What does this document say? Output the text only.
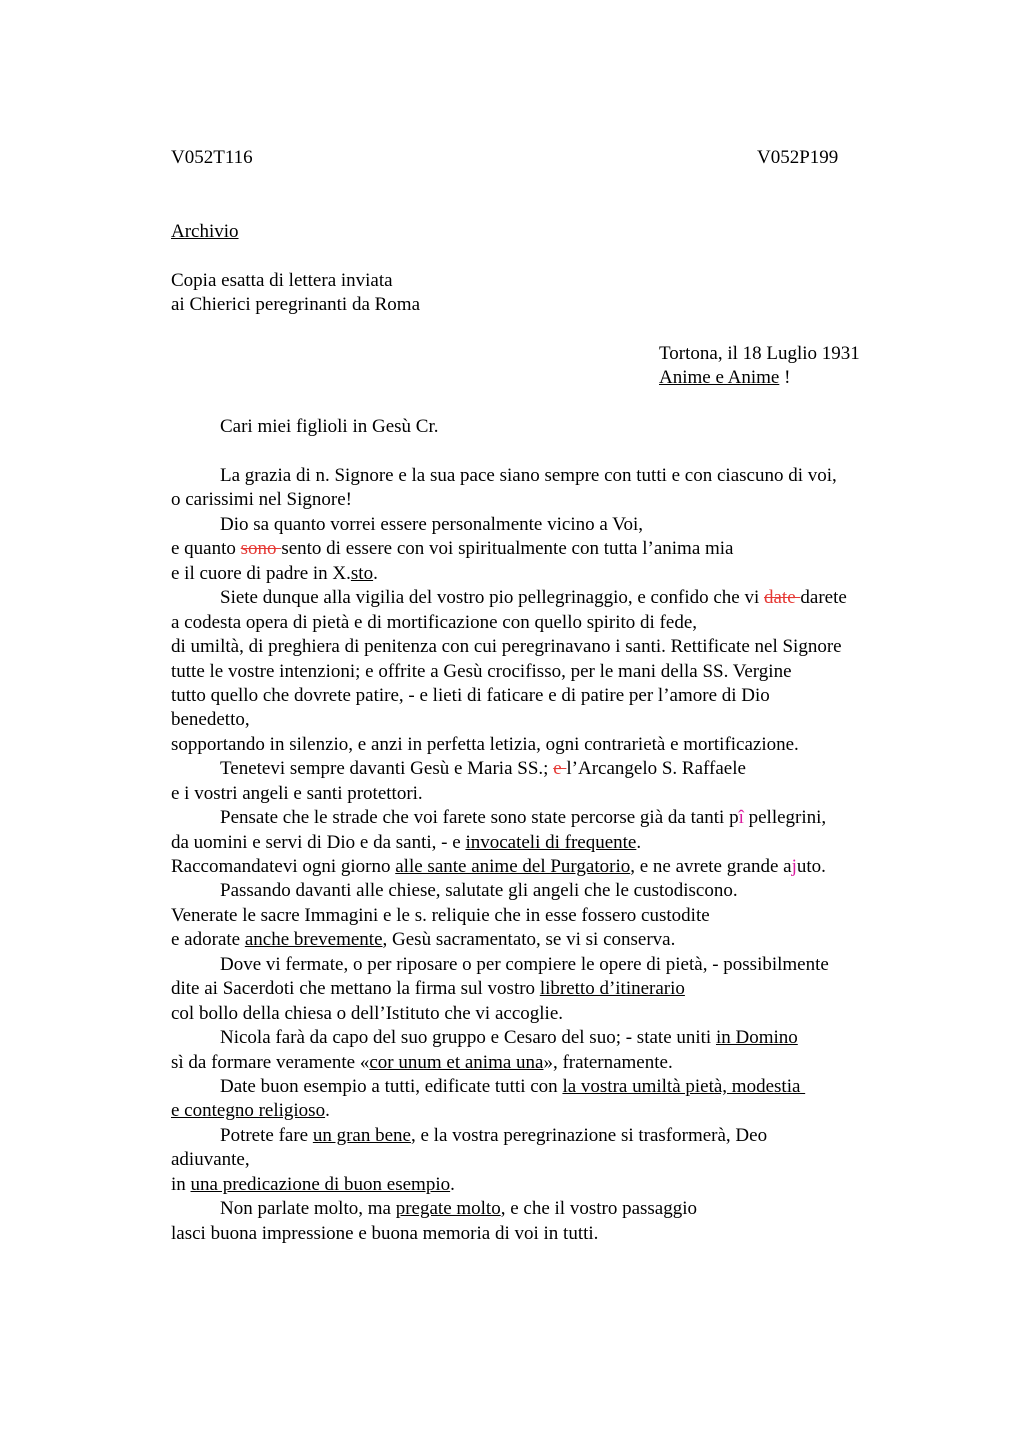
V052T116	V052P199
Archivio
Copia esatta di lettera inviata
ai Chierici peregrinanti da Roma
Tortona, il 18 Luglio 1931
Anime e Anime !
Cari miei figlioli in Gesù Cr.
La grazia di n. Signore e la sua pace siano sempre con tutti e con ciascuno di voi,
o carissimi nel Signore!
Dio sa quanto vorrei essere personalmente vicino a Voi,
e quanto sono sento di essere con voi spiritualmente con tutta l’anima mia
e il cuore di padre in X.sto.
Siete dunque alla vigilia del vostro pio pellegrinaggio, e confido che vi date darete
a codesta opera di pietà e di mortificazione con quello spirito di fede,
di umiltà, di preghiera di penitenza con cui peregrinavano i santi. Rettificate nel Signore
tutte le vostre intenzioni; e offrite a Gesù crocifisso, per le mani della SS. Vergine
tutto quello che dovrete patire, - e lieti di faticare e di patire per l’amore di Dio
benedetto,
sopportando in silenzio, e anzi in perfetta letizia, ogni contrarietà e mortificazione.
Tenetevi sempre davanti Gesù e Maria SS.; e l’Arcangelo S. Raffaele
e i vostri angeli e santi protettori.
Pensate che le strade che voi farete sono state percorse già da tanti pî pellegrini,
da uomini e servi di Dio e da santi, - e invocateli di frequente.
Raccomandatevi ogni giorno alle sante anime del Purgatorio, e ne avrete grande ajuto.
Passando davanti alle chiese, salutate gli angeli che le custodiscono.
Venerate le sacre Immagini e le s. reliquie che in esse fossero custodite
e adorate anche brevemente, Gesù sacramentato, se vi si conserva.
Dove vi fermate, o per riposare o per compiere le opere di pietà, - possibilmente
dite ai Sacerdoti che mettano la firma sul vostro libretto d’itinerario
col bollo della chiesa o dell’Istituto che vi accoglie.
Nicola farà da capo del suo gruppo e Cesaro del suo; - state uniti in Domino
sì da formare veramente «cor unum et anima una», fraternamente.
Date buon esempio a tutti, edificate tutti con la vostra umiltà pietà, modestia
e contegno religioso.
Potrete fare un gran bene, e la vostra peregrinazione si trasformerà, Deo
adiuvante,
in una predicazione di buon esempio.
Non parlate molto, ma pregate molto, e che il vostro passaggio
lasci buona impressione e buona memoria di voi in tutti.
